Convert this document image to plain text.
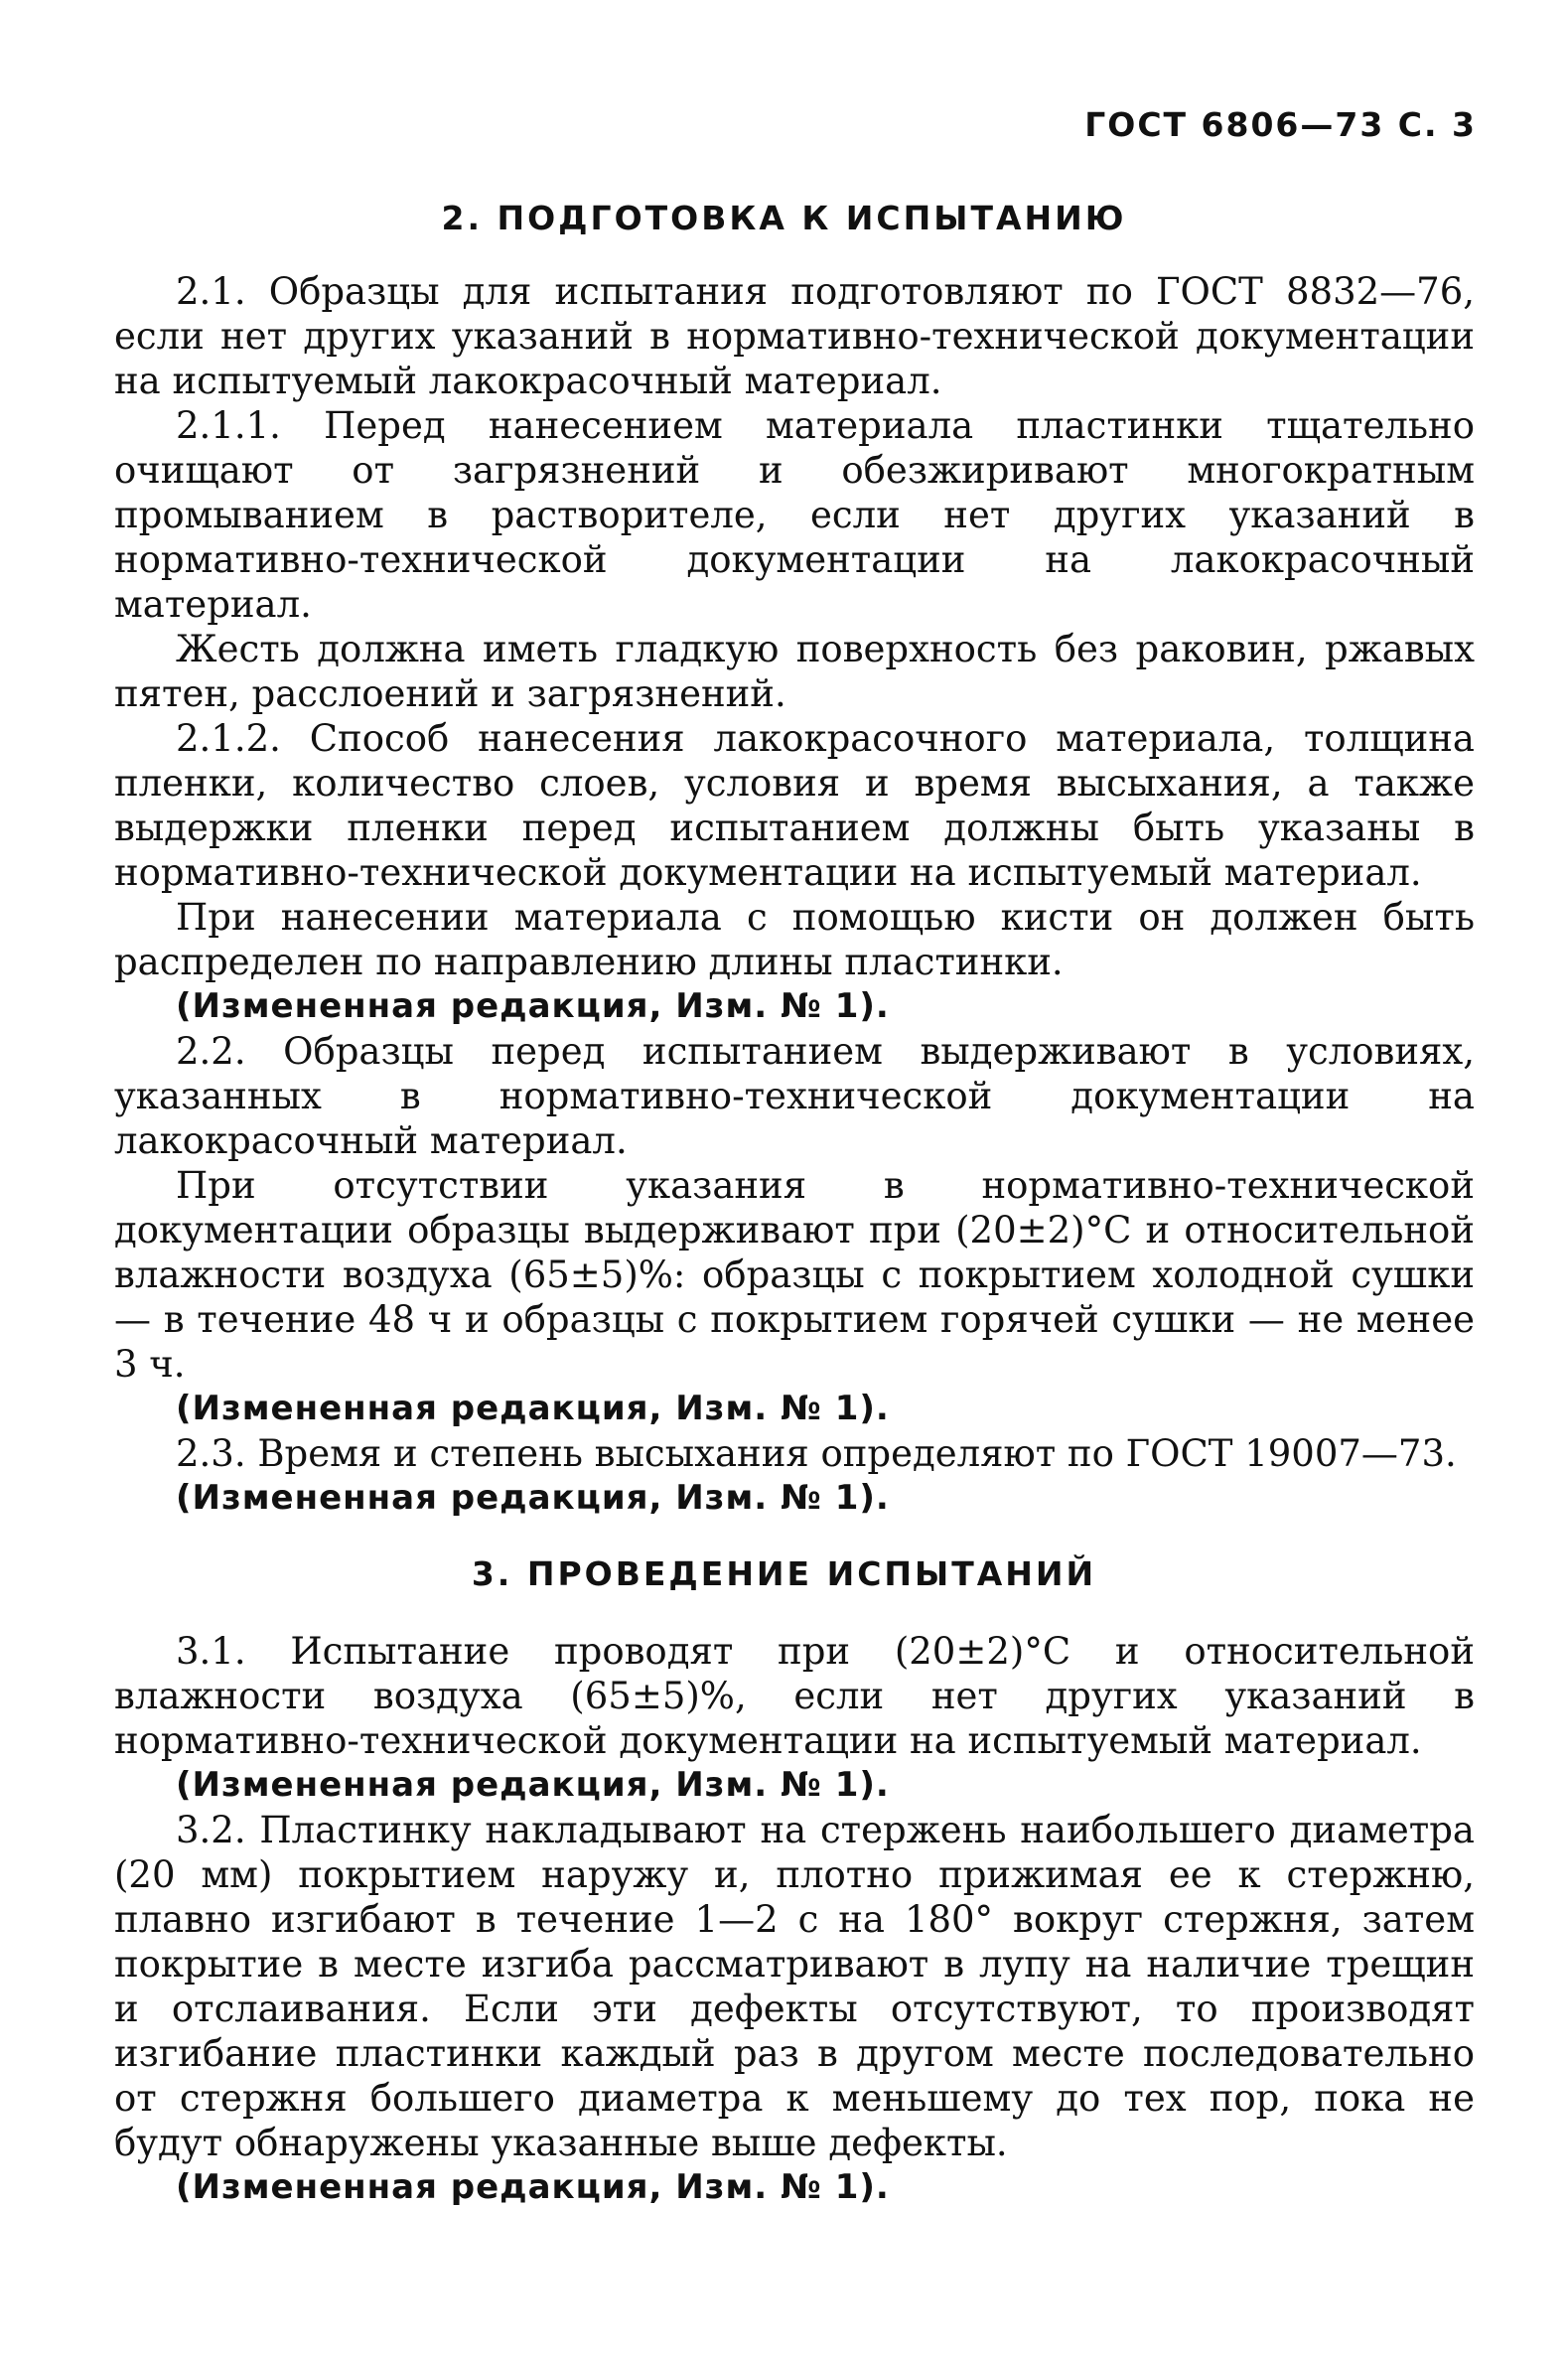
ГОСТ 6806—73 С. 3
2. ПОДГОТОВКА К ИСПЫТАНИЮ

2.1. Образцы для испытания подготовляют по ГОСТ 8832—76, если нет других указаний в нормативно-технической документации на испытуемый лакокрасочный материал.

2.1.1. Перед нанесением материала пластинки тщательно очищают от загрязнений и обезжиривают многократным промыванием в растворителе, если нет других указаний в нормативно-технической документации на лакокрасочный материал.

Жесть должна иметь гладкую поверхность без раковин, ржавых пятен, расслоений и загрязнений.

2.1.2. Способ нанесения лакокрасочного материала, толщина пленки, количество слоев, условия и время высыхания, а также выдержки пленки перед испытанием должны быть указаны в нормативно-технической документации на испытуемый материал.

При нанесении материала с помощью кисти он должен быть распределен по направлению длины пластинки.

(Измененная редакция, Изм. № 1).

2.2. Образцы перед испытанием выдерживают в условиях, указанных в нормативно-технической документации на лакокрасочный материал.

При отсутствии указания в нормативно-технической документации образцы выдерживают при (20±2)°С и относительной влажности воздуха (65±5)%: образцы с покрытием холодной сушки — в течение 48 ч и образцы с покрытием горячей сушки — не менее 3 ч.

(Измененная редакция, Изм. № 1).

2.3. Время и степень высыхания определяют по ГОСТ 19007—73.

(Измененная редакция, Изм. № 1).

3. ПРОВЕДЕНИЕ ИСПЫТАНИЙ

3.1. Испытание проводят при (20±2)°С и относительной влажности воздуха (65±5)%, если нет других указаний в нормативно-технической документации на испытуемый материал.

(Измененная редакция, Изм. № 1).

3.2. Пластинку накладывают на стержень наибольшего диаметра (20 мм) покрытием наружу и, плотно прижимая ее к стержню, плавно изгибают в течение 1—2 с на 180° вокруг стержня, затем покрытие в месте изгиба рассматривают в лупу на наличие трещин и отслаивания. Если эти дефекты отсутствуют, то производят изгибание пластинки каждый раз в другом месте последовательно от стержня большего диаметра к меньшему до тех пор, пока не будут обнаружены указанные выше дефекты.

(Измененная редакция, Изм. № 1).
